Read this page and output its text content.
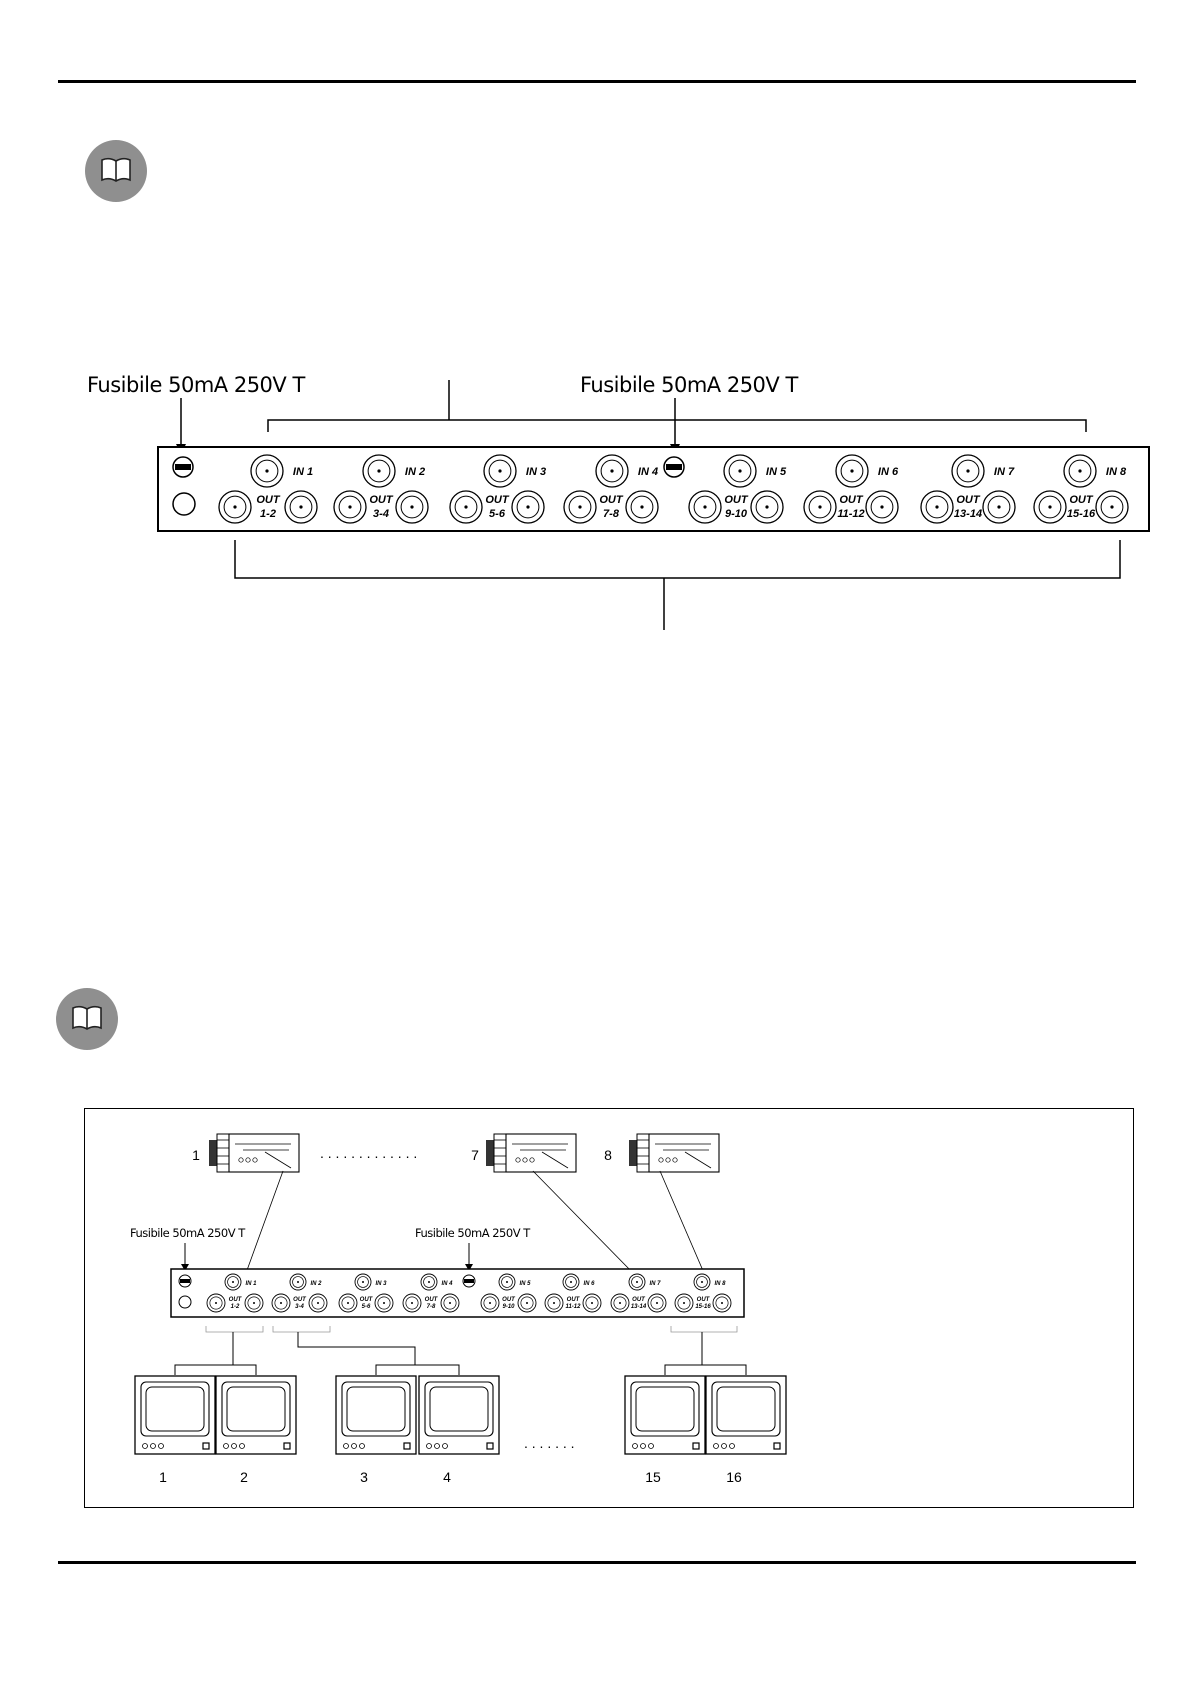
Fusibile 50mA 250V T	Fusibile 50mA 250V T
IN 1	IN 2	IN 3	IN 4	IN 5	IN 6	IN 7	IN 8
OUT
1-2
OUT
3-4
OUT
5-6
OUT
7-8
OUT
9-10
OUT
11-12
OUT
13-14
OUT
15-16
Fusibile 50mA 250V T	Fusibile 50mA 250V T
. . . . . . . . . . . . .
. . . . . . .
1	7	8
IN 1	IN 2	IN 3	IN 4	IN 5	IN 6	IN 7	IN 8
OUT
1-2
OUT
3-4
OUT
5-6
OUT
7-8
OUT
9-10
OUT
11-12
OUT
13-14
OUT
15-16
1	2	3	4	15	16
